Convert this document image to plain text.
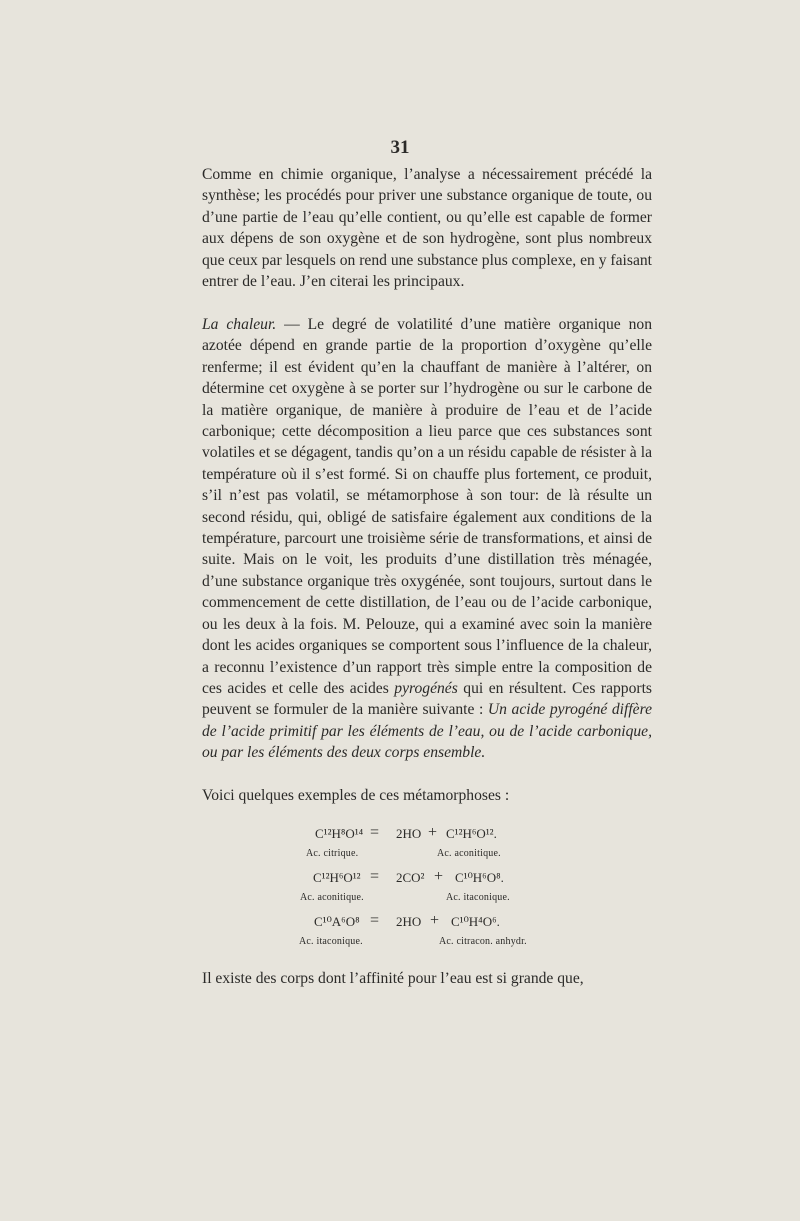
31
Comme en chimie organique, l’analyse a nécessairement précédé la synthèse; les procédés pour priver une substance organique de toute, ou d’une partie de l’eau qu’elle contient, ou qu’elle est capable de former aux dépens de son oxygène et de son hydrogène, sont plus nombreux que ceux par lesquels on rend une substance plus complexe, en y faisant entrer de l’eau. J’en citerai les principaux.
La chaleur. — Le degré de volatilité d’une matière organique non azotée dépend en grande partie de la proportion d’oxygène qu’elle renferme; il est évident qu’en la chauffant de manière à l’altérer, on détermine cet oxygène à se porter sur l’hydrogène ou sur le carbone de la matière organique, de manière à produire de l’eau et de l’acide carbonique; cette décomposition a lieu parce que ces substances sont volatiles et se dégagent, tandis qu’on a un résidu capable de résister à la température où il s’est formé. Si on chauffe plus fortement, ce produit, s’il n’est pas volatil, se métamorphose à son tour: de là résulte un second résidu, qui, obligé de satisfaire également aux conditions de la température, parcourt une troisième série de transformations, et ainsi de suite. Mais on le voit, les produits d’une distillation très ménagée, d’une substance organique très oxygénée, sont toujours, surtout dans le commencement de cette distillation, de l’eau ou de l’acide carbonique, ou les deux à la fois. M. Pelouze, qui a examiné avec soin la manière dont les acides organiques se comportent sous l’influence de la chaleur, a reconnu l’existence d’un rapport très simple entre la composition de ces acides et celle des acides pyrogénés qui en résultent. Ces rapports peuvent se formuler de la manière suivante : Un acide pyrogéné diffère de l’acide primitif par les éléments de l’eau, ou de l’acide carbonique, ou par les éléments des deux corps ensemble.
Voici quelques exemples de ces métamorphoses :
C¹²H⁸O¹⁴ = 2HO + C¹²H⁶O¹².
Ac. citrique.	Ac. aconitique.
C¹²H⁶O¹² = 2CO² + C¹⁰H⁶O⁸.
Ac. aconitique.	Ac. itaconique.
C¹⁰A⁶O⁸ = 2HO + C¹⁰H⁴O⁶.
Ac. itaconique.	Ac. citracon. anhydr.
Il existe des corps dont l’affinité pour l’eau est si grande que,
